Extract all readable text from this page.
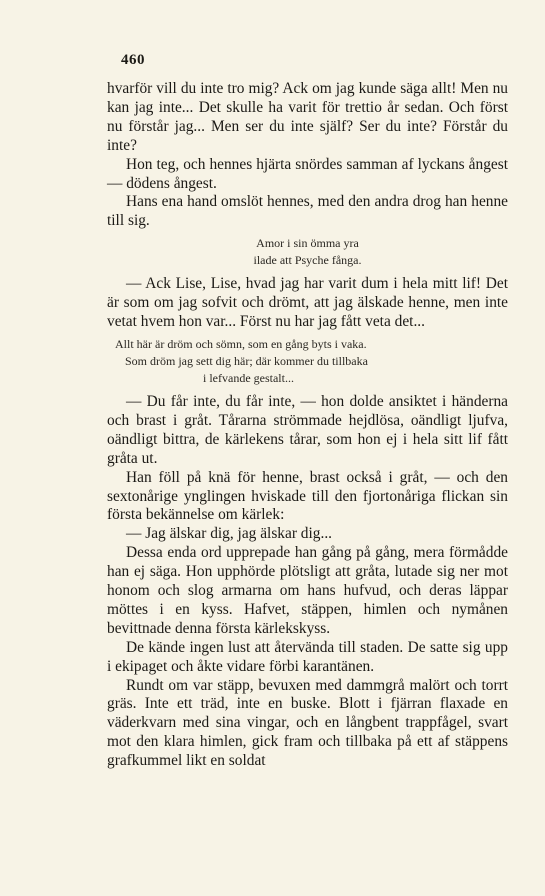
460

hvarför vill du inte tro mig? Ack om jag kunde säga allt! Men nu kan jag inte... Det skulle ha varit för trettio år sedan. Och först nu förstår jag... Men ser du inte själf? Ser du inte? Förstår du inte?

Hon teg, och hennes hjärta snördes samman af lyckans ångest — dödens ångest.

Hans ena hand omslöt hennes, med den andra drog han henne till sig.

Amor i sin ömma yra
ilade att Psyche fånga.

— Ack Lise, Lise, hvad jag har varit dum i hela mitt lif! Det är som om jag sofvit och drömt, att jag älskade henne, men inte vetat hvem hon var... Först nu har jag fått veta det...

Allt här är dröm och sömn, som en gång byts i vaka.
Som dröm jag sett dig här; där kommer du tillbaka
i lefvande gestalt...

— Du får inte, du får inte, — hon dolde ansiktet i händerna och brast i gråt. Tårarna strömmade hejdlösa, oändligt ljufva, oändligt bittra, de kärlekens tårar, som hon ej i hela sitt lif fått gråta ut.

Han föll på knä för henne, brast också i gråt, — och den sextonårige ynglingen hviskade till den fjortonåriga flickan sin första bekännelse om kärlek:

— Jag älskar dig, jag älskar dig...

Dessa enda ord upprepade han gång på gång, mera förmådde han ej säga. Hon upphörde plötsligt att gråta, lutade sig ner mot honom och slog armarna om hans hufvud, och deras läppar möttes i en kyss. Hafvet, stäppen, himlen och nymånen bevittnade denna första kärlekskyss.

De kände ingen lust att återvända till staden. De satte sig upp i ekipaget och åkte vidare förbi karantänen.

Rundt om var stäpp, bevuxen med dammgrå malört och torrt gräs. Inte ett träd, inte en buske. Blott i fjärran flaxade en väderkvarn med sina vingar, och en långbent trappfågel, svart mot den klara himlen, gick fram och tillbaka på ett af stäppens grafkummel likt en soldat
